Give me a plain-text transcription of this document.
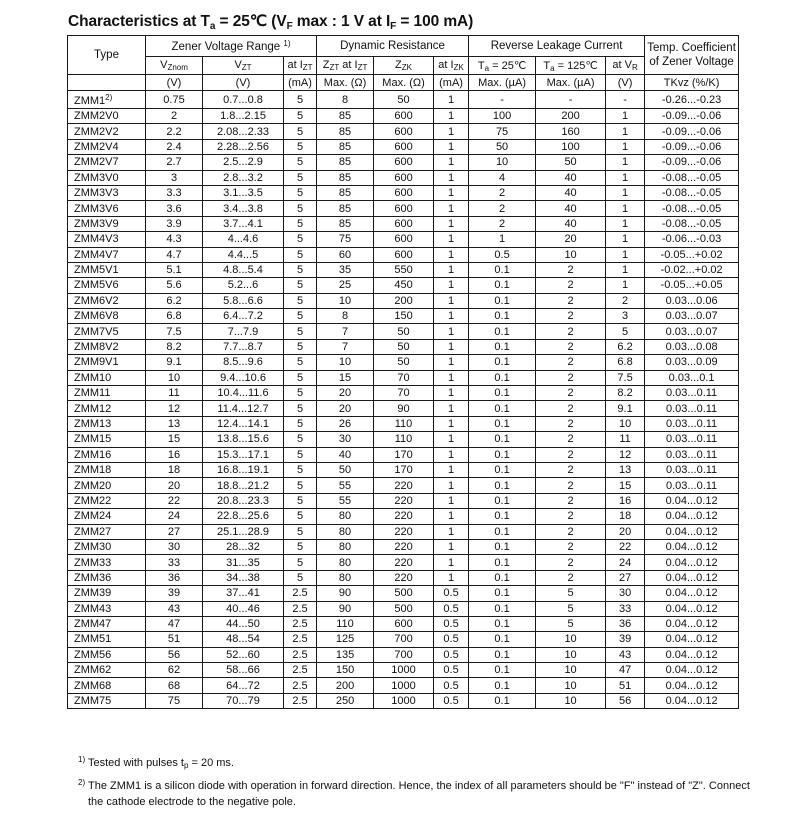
Characteristics at $T_a$ = 25℃ ($V_F$ max : 1 V at $I_F = 100$ mA)
Type	Zener Voltage Range $^{1)}$			Dynamic Resistance			Reverse Leakage Current			Temp. Coefficient
of Zener Voltage
	$V_{Znom}$	$V_{ZT}$	at $I_{ZT}$	$Z_{ZT}$ at $I_{ZT}$	$Z_{ZK}$	at $I_{ZK}$	$T_a$ = 25℃	$T_a$ = 125℃	at $V_R$
	(V)	(V)	(mA)	Max. (Ω)	Max. (Ω)	(mA)	Max. (µA)	Max. (µA)	(V)	TKvz (%/K)
ZMM1$^{2)}$	0.75	0.7...0.8	5	8	50	1	-	-	-	-0.26...-0.23
ZMM2V0	2	1.8...2.15	5	85	600	1	100	200	1	-0.09...-0.06
ZMM2V2	2.2	2.08...2.33	5	85	600	1	75	160	1	-0.09...-0.06
ZMM2V4	2.4	2.28...2.56	5	85	600	1	50	100	1	-0.09...-0.06
ZMM2V7	2.7	2.5...2.9	5	85	600	1	10	50	1	-0.09...-0.06
ZMM3V0	3	2.8...3.2	5	85	600	1	4	40	1	-0.08...-0.05
ZMM3V3	3.3	3.1...3.5	5	85	600	1	2	40	1	-0.08...-0.05
ZMM3V6	3.6	3.4...3.8	5	85	600	1	2	40	1	-0.08...-0.05
ZMM3V9	3.9	3.7...4.1	5	85	600	1	2	40	1	-0.08...-0.05
ZMM4V3	4.3	4...4.6	5	75	600	1	1	20	1	-0.06...-0.03
ZMM4V7	4.7	4.4...5	5	60	600	1	0.5	10	1	-0.05...+0.02
ZMM5V1	5.1	4.8...5.4	5	35	550	1	0.1	2	1	-0.02...+0.02
ZMM5V6	5.6	5.2...6	5	25	450	1	0.1	2	1	-0.05...+0.05
ZMM6V2	6.2	5.8...6.6	5	10	200	1	0.1	2	2	0.03...0.06
ZMM6V8	6.8	6.4...7.2	5	8	150	1	0.1	2	3	0.03...0.07
ZMM7V5	7.5	7...7.9	5	7	50	1	0.1	2	5	0.03...0.07
ZMM8V2	8.2	7.7...8.7	5	7	50	1	0.1	2	6.2	0.03...0.08
ZMM9V1	9.1	8.5...9.6	5	10	50	1	0.1	2	6.8	0.03...0.09
ZMM10	10	9.4...10.6	5	15	70	1	0.1	2	7.5	0.03...0.1
ZMM11	11	10.4...11.6	5	20	70	1	0.1	2	8.2	0.03...0.11
ZMM12	12	11.4...12.7	5	20	90	1	0.1	2	9.1	0.03...0.11
ZMM13	13	12.4...14.1	5	26	110	1	0.1	2	10	0.03...0.11
ZMM15	15	13.8...15.6	5	30	110	1	0.1	2	11	0.03...0.11
ZMM16	16	15.3...17.1	5	40	170	1	0.1	2	12	0.03...0.11
ZMM18	18	16.8...19.1	5	50	170	1	0.1	2	13	0.03...0.11
ZMM20	20	18.8...21.2	5	55	220	1	0.1	2	15	0.03...0.11
ZMM22	22	20.8...23.3	5	55	220	1	0.1	2	16	0.04...0.12
ZMM24	24	22.8...25.6	5	80	220	1	0.1	2	18	0.04...0.12
ZMM27	27	25.1...28.9	5	80	220	1	0.1	2	20	0.04...0.12
ZMM30	30	28...32	5	80	220	1	0.1	2	22	0.04...0.12
ZMM33	33	31...35	5	80	220	1	0.1	2	24	0.04...0.12
ZMM36	36	34...38	5	80	220	1	0.1	2	27	0.04...0.12
ZMM39	39	37...41	2.5	90	500	0.5	0.1	5	30	0.04...0.12
ZMM43	43	40...46	2.5	90	500	0.5	0.1	5	33	0.04...0.12
ZMM47	47	44...50	2.5	110	600	0.5	0.1	5	36	0.04...0.12
ZMM51	51	48...54	2.5	125	700	0.5	0.1	10	39	0.04...0.12
ZMM56	56	52...60	2.5	135	700	0.5	0.1	10	43	0.04...0.12
ZMM62	62	58...66	2.5	150	1000	0.5	0.1	10	47	0.04...0.12
ZMM68	68	64...72	2.5	200	1000	0.5	0.1	10	51	0.04...0.12
ZMM75	75	70...79	2.5	250	1000	0.5	0.1	10	56	0.04...0.12
$^{1)}$ Tested with pulses $t_p = 20$ ms.
$^{2)}$ The ZMM1 is a silicon diode with operation in forward direction. Hence, the index of all parameters should be "F" instead of "Z". Connect
the cathode electrode to the negative pole.
